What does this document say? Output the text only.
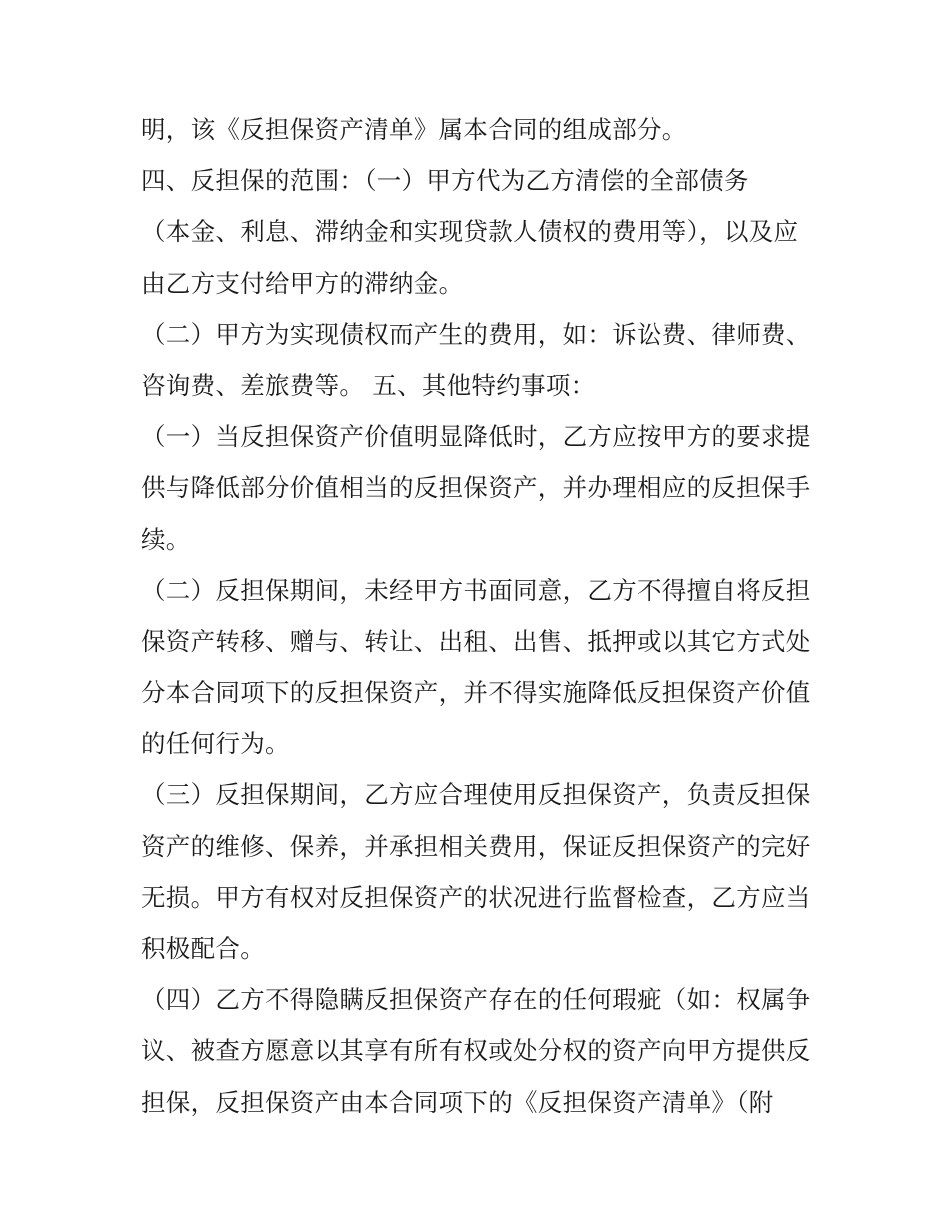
明，该《反担保资产清单》属本合同的组成部分。
四、反担保的范围：（一）甲方代为乙方清偿的全部债务
（本金、利息、滞纳金和实现贷款人债权的费用等），以及应
由乙方支付给甲方的滞纳金。
（二）甲方为实现债权而产生的费用，如：诉讼费、律师费、
咨询费、差旅费等。 五、其他特约事项：
（一）当反担保资产价值明显降低时，乙方应按甲方的要求提
供与降低部分价值相当的反担保资产，并办理相应的反担保手
续。
（二）反担保期间，未经甲方书面同意，乙方不得擅自将反担
保资产转移、赠与、转让、出租、出售、抵押或以其它方式处
分本合同项下的反担保资产，并不得实施降低反担保资产价值
的任何行为。
（三）反担保期间，乙方应合理使用反担保资产，负责反担保
资产的维修、保养，并承担相关费用，保证反担保资产的完好
无损。甲方有权对反担保资产的状况进行监督检查，乙方应当
积极配合。
（四）乙方不得隐瞒反担保资产存在的任何瑕疵（如：权属争
议、被查方愿意以其享有所有权或处分权的资产向甲方提供反
担保，反担保资产由本合同项下的《反担保资产清单》（附
